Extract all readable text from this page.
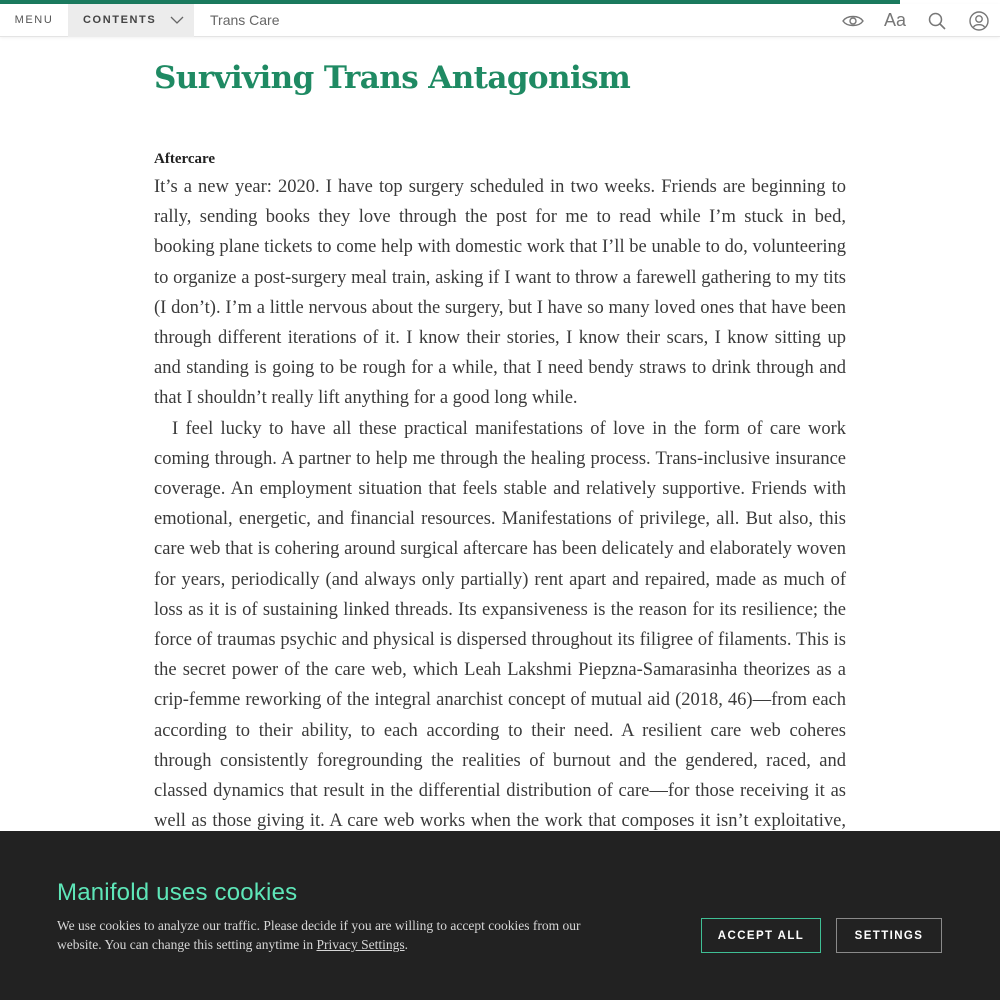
MENU	CONTENTS	Trans Care	Aa
Surviving Trans Antagonism
Aftercare

It’s a new year: 2020. I have top surgery scheduled in two weeks. Friends are beginning to rally, sending books they love through the post for me to read while I’m stuck in bed, booking plane tickets to come help with domestic work that I’ll be unable to do, volunteering to organize a post-surgery meal train, asking if I want to throw a farewell gathering to my tits (I don’t). I’m a little nervous about the surgery, but I have so many loved ones that have been through different iterations of it. I know their stories, I know their scars, I know sitting up and standing is going to be rough for a while, that I need bendy straws to drink through and that I shouldn’t really lift anything for a good long while.

I feel lucky to have all these practical manifestations of love in the form of care work coming through. A partner to help me through the healing process. Trans-inclusive insurance coverage. An employment situation that feels stable and relatively supportive. Friends with emotional, energetic, and financial resources. Manifestations of privilege, all. But also, this care web that is cohering around surgical aftercare has been delicately and elaborately woven for years, periodically (and always only partially) rent apart and repaired, made as much of loss as it is of sustaining linked threads. Its expansiveness is the reason for its resilience; the force of traumas psychic and physical is dispersed throughout its filigree of filaments. This is the secret power of the care web, which Leah Lakshmi Piepzna-Samarasinha theorizes as a crip-femme reworking of the integral anarchist concept of mutual aid (2018, 46)—from each according to their ability, to each according to their need. A resilient care web coheres through consistently foregrounding the realities of burnout and the gendered, raced, and classed dynamics that result in the differential distribution of care—for those receiving it as well as those giving it. A care web works when the work that composes it isn’t exploitative,

Manifold uses cookies
We use cookies to analyze our traffic. Please decide if you are willing to accept cookies from our website. You can change this setting anytime in Privacy Settings.
ACCEPT ALL	SETTINGS
